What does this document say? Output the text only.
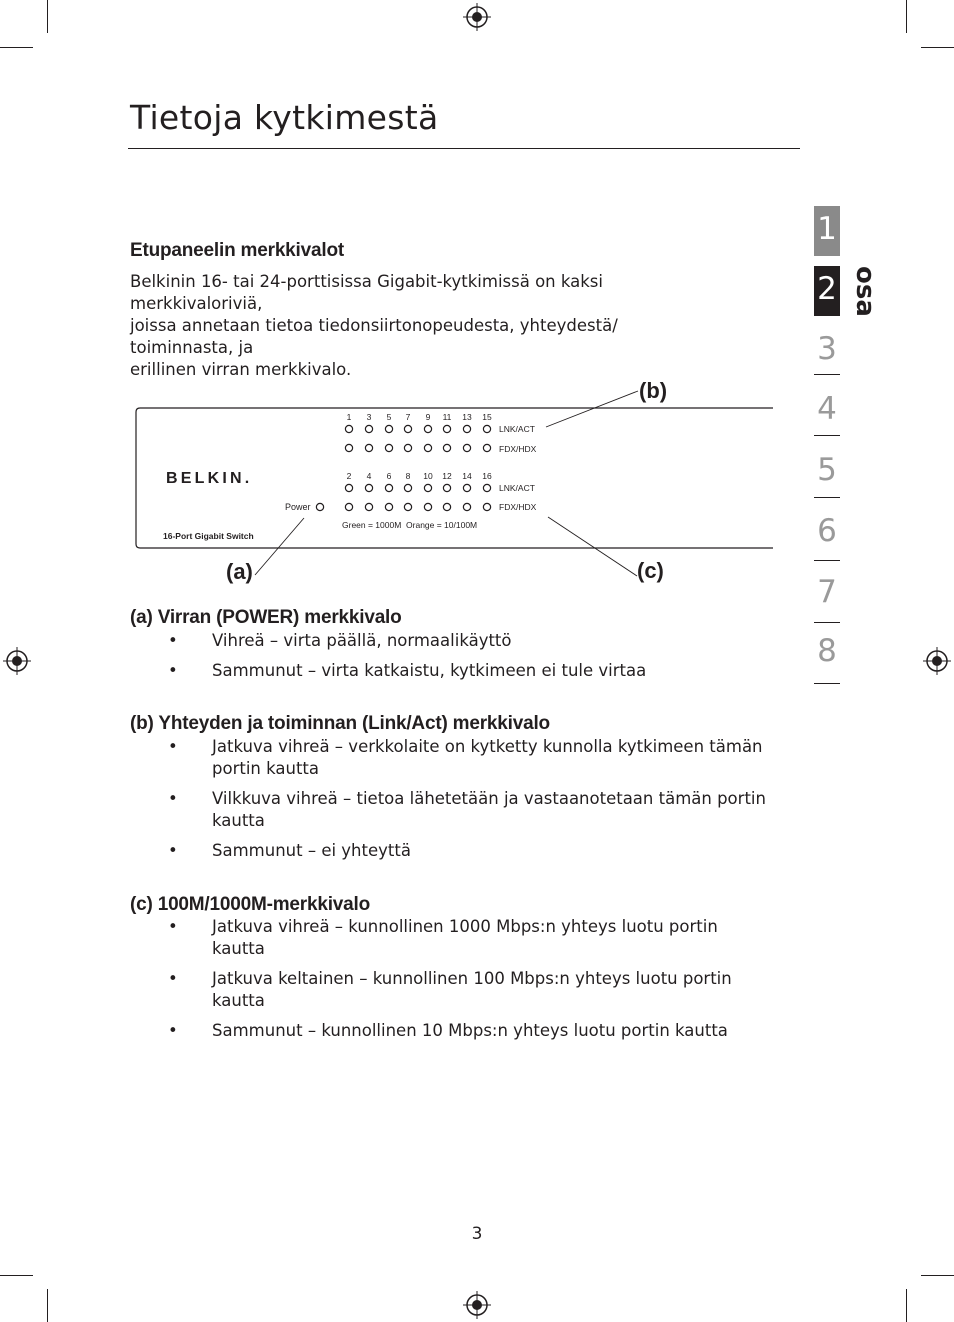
Tietoja kytkimestä
1
2
3
4
5
6
7
8
osa
Etupaneelin merkkivalot
Belkinin 16- tai 24-porttisissa Gigabit-kytkimissä on kaksi merkkivaloriviä,
joissa annetaan tietoa tiedonsiirtonopeudesta, yhteydestä/ toiminnasta, ja
erillinen virran merkkivalo.
BELKIN.
16-Port Gigabit Switch
Power
1 3 5 7 9 11 13 15
LNK/ACT
FDX/HDX
2 4 6 8 10 12 14 16
LNK/ACT
FDX/HDX
Green = 1000M  Orange = 10/100M
(b)
(a)	(c)
(a) Virran (POWER) merkkivalo
• Vihreä – virta päällä, normaalikäyttö
• Sammunut – virta katkaistu, kytkimeen ei tule virtaa
(b) Yhteyden ja toiminnan (Link/Act) merkkivalo
• Jatkuva vihreä – verkkolaite on kytketty kunnolla kytkimeen tämän portin kautta
• Vilkkuva vihreä – tietoa lähetetään ja vastaanotetaan tämän portin kautta
• Sammunut – ei yhteyttä
(c) 100M/1000M-merkkivalo
• Jatkuva vihreä – kunnollinen 1000 Mbps:n yhteys luotu portin kautta
• Jatkuva keltainen – kunnollinen 100 Mbps:n yhteys luotu portin kautta
• Sammunut – kunnollinen 10 Mbps:n yhteys luotu portin kautta
3
